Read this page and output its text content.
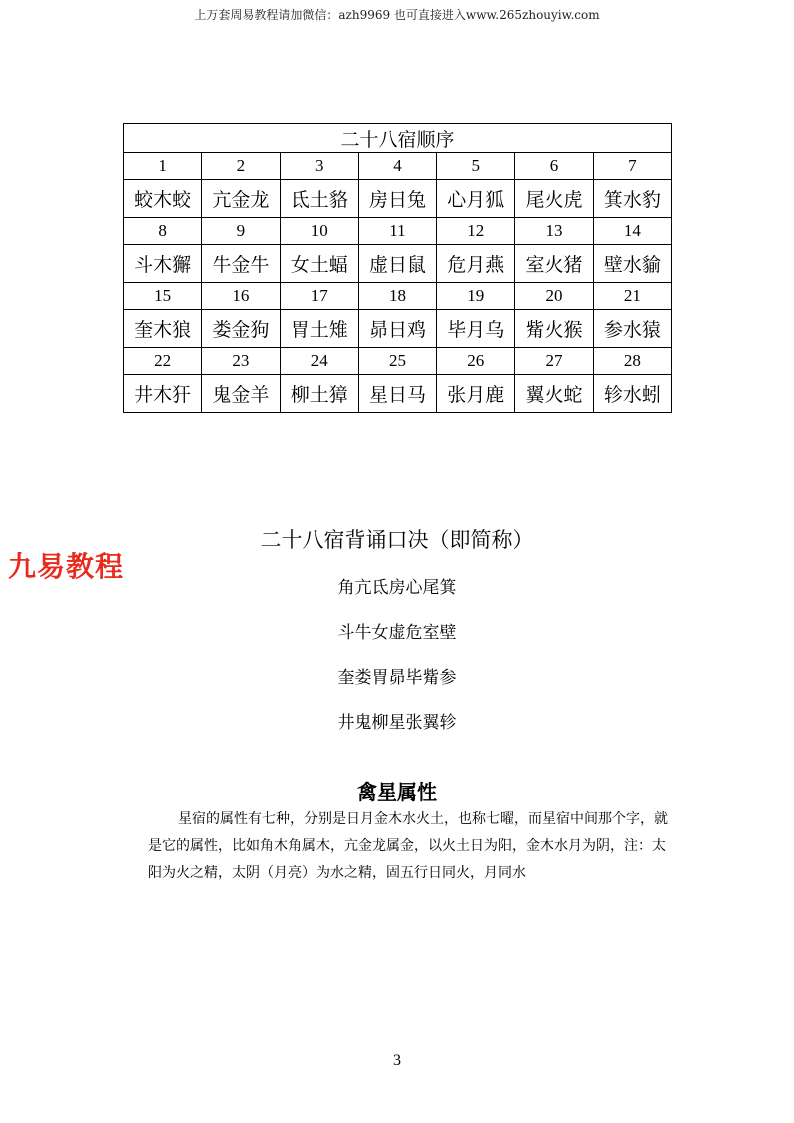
上万套周易教程请加微信：azh9969 也可直接进入www.265zhouyiw.com
二十八宿顺序						
1	2	3	4	5	6	7
蛟木蛟	亢金龙	氐土貉	房日兔	心月狐	尾火虎	箕水豹
8	9	10	11	12	13	14
斗木獬	牛金牛	女土蝠	虚日鼠	危月燕	室火猪	壁水貐
15	16	17	18	19	20	21
奎木狼	娄金狗	胃土雉	昴日鸡	毕月乌	觜火猴	参水猿
22	23	24	25	26	27	28
井木犴	鬼金羊	柳土獐	星日马	张月鹿	翼火蛇	轸水蚓
二十八宿背诵口决（即简称）
九易教程
角亢氐房心尾箕
斗牛女虚危室壁
奎娄胃昴毕觜参
井鬼柳星张翼轸
禽星属性

星宿的属性有七种，分别是日月金木水火土，也称七曜，而星宿中间那个字，就是它的属性，比如角木角属木，亢金龙属金，以火土日为阳，金木水月为阴，注：太阳为火之精，太阴（月亮）为水之精，固五行日同火，月同水

3
